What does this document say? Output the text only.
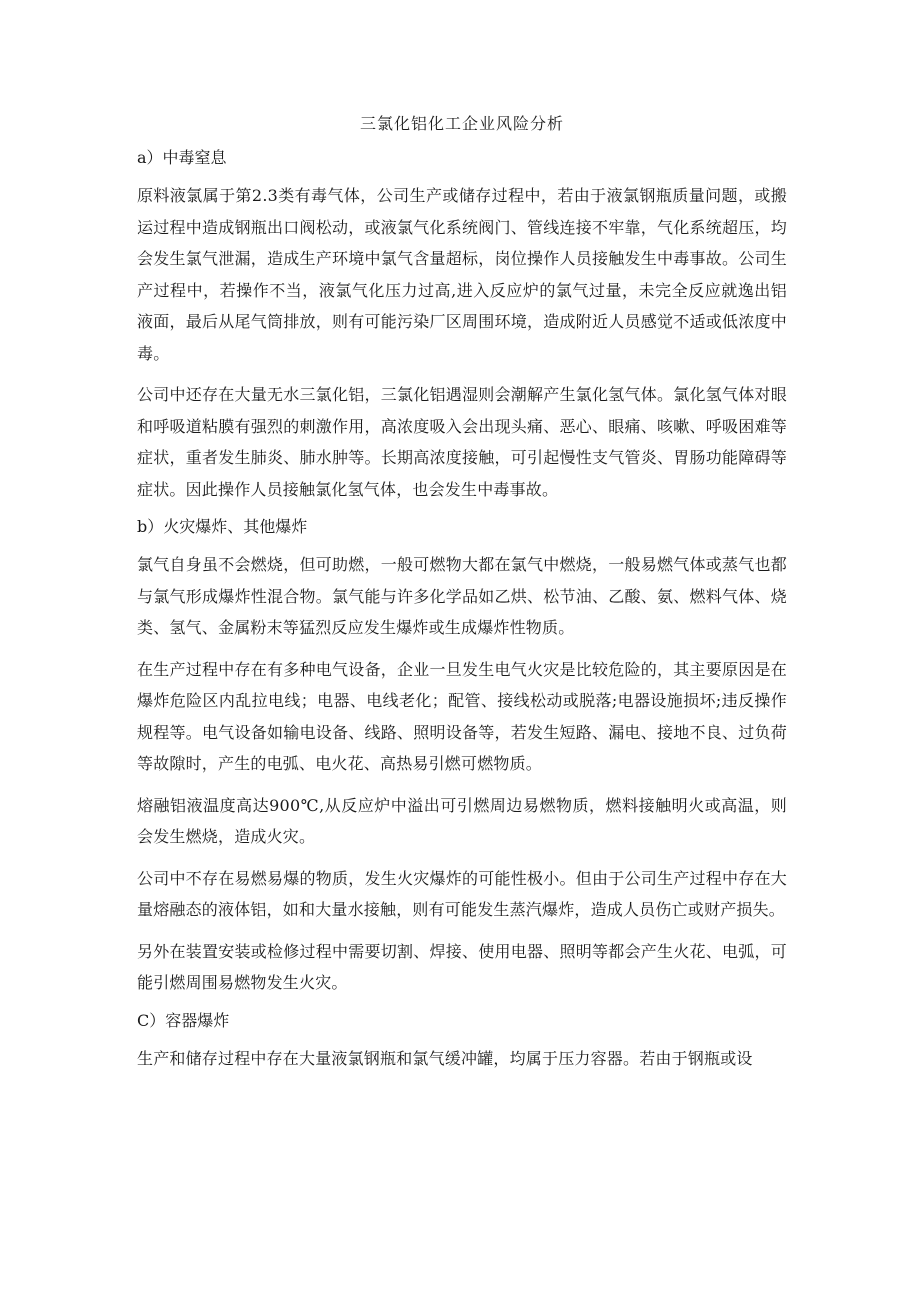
三氯化铝化工企业风险分析

a）中毒窒息

原料液氯属于第2.3类有毒气体，公司生产或储存过程中，若由于液氯钢瓶质量问题，或搬运过程中造成钢瓶出口阀松动，或液氯气化系统阀门、管线连接不牢靠，气化系统超压，均会发生氯气泄漏，造成生产环境中氯气含量超标，岗位操作人员接触发生中毒事故。公司生产过程中，若操作不当，液氯气化压力过高,进入反应炉的氯气过量，未完全反应就逸出铝液面，最后从尾气筒排放，则有可能污染厂区周围环境，造成附近人员感觉不适或低浓度中毒。

公司中还存在大量无水三氯化铝，三氯化铝遇湿则会潮解产生氯化氢气体。氯化氢气体对眼和呼吸道粘膜有强烈的刺激作用，高浓度吸入会出现头痛、恶心、眼痛、咳嗽、呼吸困难等症状，重者发生肺炎、肺水肿等。长期高浓度接触，可引起慢性支气管炎、胃肠功能障碍等症状。因此操作人员接触氯化氢气体，也会发生中毒事故。

b）火灾爆炸、其他爆炸

氯气自身虽不会燃烧，但可助燃，一般可燃物大都在氯气中燃烧，一般易燃气体或蒸气也都与氯气形成爆炸性混合物。氯气能与许多化学品如乙烘、松节油、乙酸、氨、燃料气体、烧类、氢气、金属粉末等猛烈反应发生爆炸或生成爆炸性物质。

在生产过程中存在有多种电气设备，企业一旦发生电气火灾是比较危险的，其主要原因是在爆炸危险区内乱拉电线；电器、电线老化；配管、接线松动或脱落;电器设施损坏;违反操作规程等。电气设备如输电设备、线路、照明设备等，若发生短路、漏电、接地不良、过负荷等故隙时，产生的电弧、电火花、高热易引燃可燃物质。

熔融铝液温度高达900℃,从反应炉中溢出可引燃周边易燃物质，燃料接触明火或高温，则会发生燃烧，造成火灾。

公司中不存在易燃易爆的物质，发生火灾爆炸的可能性极小。但由于公司生产过程中存在大量熔融态的液体铝，如和大量水接触，则有可能发生蒸汽爆炸，造成人员伤亡或财产损失。

另外在装置安装或检修过程中需要切割、焊接、使用电器、照明等都会产生火花、电弧，可能引燃周围易燃物发生火灾。

C）容器爆炸

生产和储存过程中存在大量液氯钢瓶和氯气缓冲罐，均属于压力容器。若由于钢瓶或设
